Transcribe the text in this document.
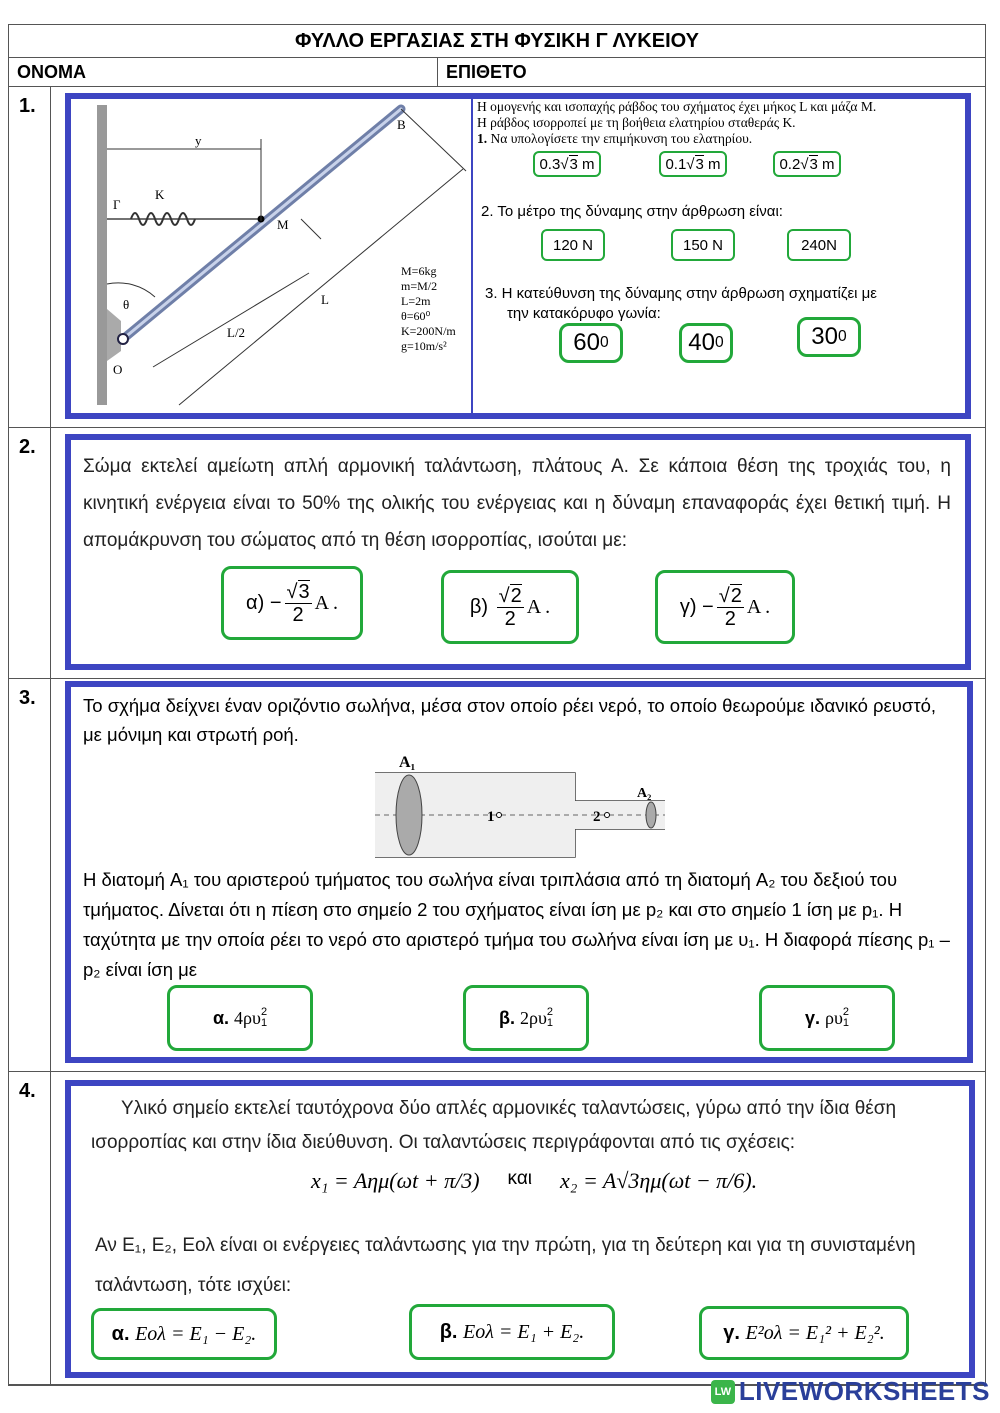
ΦΥΛΛΟ ΕΡΓΑΣΙΑΣ ΣΤΗ ΦΥΣΙΚΗ Γ ΛΥΚΕΙΟΥ
ΟΝΟΜΑ	ΕΠΙΘΕΤΟ
1.
y
Γ
K
M
B
L
L/2
θ
O
M=6kg
m=M/2
L=2m
θ=60⁰
K=200N/m
g=10m/s²

Η ομογενής και ισοπαχής ράβδος του σχήματος έχει μήκος L και μάζα M.

Η ράβδος ισορροπεί με τη βοήθεια ελατηρίου σταθεράς K.

1. Να υπολογίσετε την επιμήκυνση του ελατηρίου.

0.3 √ 3
m	0.1 √ 3
m	0.2 √ 3
m

2. Το μέτρο της δύναμης στην άρθρωση είναι:

120 N	150 N	240N

3. Η κατεύθυνση της δύναμης στην άρθρωση σχηματίζει με

την κατακόρυφο γωνία:

60 0	40 0	30 0
2.

Σώμα εκτελεί αμείωτη απλή αρμονική ταλάντωση, πλάτους Α. Σε κάποια θέση της τροχιάς του, η κινητική ενέργεια είναι το 50% της ολικής του ενέργειας και η δύναμη επαναφοράς έχει θετική τιμή. Η απομάκρυνση του σώματος από τη θέση ισορροπίας, ισούται με:

α)
− $\frac{√3}{2}$ A .	β)
$\frac{√2}{2}$ A .	γ)
− $\frac{√2}{2}$ A .
3.	Το σχήμα δείχνει έναν οριζόντιο σωλήνα, μέσα στον οποίο ρέει νερό, το οποίο θεωρούμε ιδανικό ρευστό, με μόνιμη και στρωτή ροή.

A₁
A₂
1	2

Η διατομή A₁ του αριστερού τμήματος του σωλήνα είναι τριπλάσια από τη διατομή A₂ του δεξιού του τμήματος. Δίνεται ότι η πίεση στο σημείο 2 του σχήματος είναι ίση με p₂ και στο σημείο 1 ίση με p₁. Η ταχύτητα με την οποία ρέει το νερό στο αριστερό τμήμα του σωλήνα είναι ίση με υ₁. Η διαφορά πίεσης p₁ – p₂ είναι ίση με

α.
4ρυ 2
1	β.
2ρυ 2
1	γ.
ρυ 2
1
4.

Υλικό σημείο εκτελεί ταυτόχρονα δύο απλές αρμονικές ταλαντώσεις, γύρω από την ίδια θέση ισορροπίας και στην ίδια διεύθυνση. Οι ταλαντώσεις περιγράφονται από τις σχέσεις:

x₁ = Aημ(ωt + π/3) και x₂ = A√3ημ(ωt − π/6).

Αν E₁, E₂, Eολ είναι οι ενέργειες ταλάντωσης για την πρώτη, για τη δεύτερη και για τη συνισταμένη ταλάντωση, τότε ισχύει:

α.
Eολ = E₁ − E₂.	β.
Eολ = E₁ + E₂.	γ.
E²ολ = E₁² + E₂².
LW LIVEWORKSHEETS
